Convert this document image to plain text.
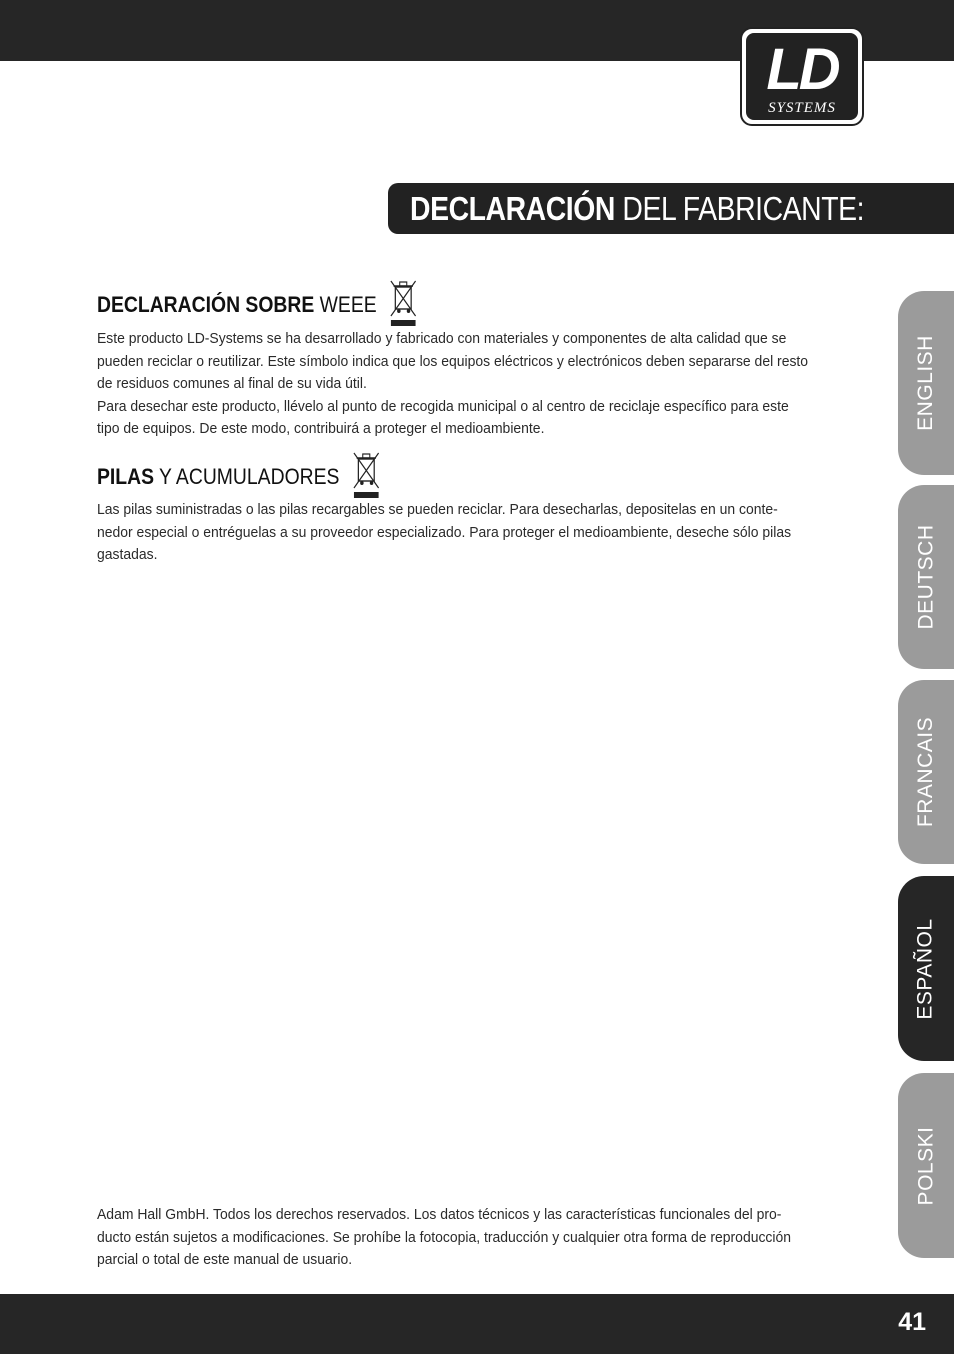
LD
SYSTEMS
DECLARACIÓN DEL FABRICANTE:
DECLARACIÓN SOBRE WEEE

Este producto LD-Systems se ha desarrollado y fabricado con materiales y componentes de alta calidad que se pueden reciclar o reutilizar. Este símbolo indica que los equipos eléctricos y electrónicos deben separarse del resto de residuos comunes al final de su vida útil.

Para desechar este producto, llévelo al punto de recogida municipal o al centro de reciclaje específico para este tipo de equipos. De este modo, contribuirá a proteger el medioambiente.

PILAS Y ACUMULADORES

Las pilas suministradas o las pilas recargables se pueden reciclar. Para desecharlas, depositelas en un conte- nedor especial o entréguelas a su proveedor especializado. Para proteger el medioambiente, deseche sólo pilas gastadas.

Adam Hall GmbH. Todos los derechos reservados. Los datos técnicos y las características funcionales del pro- ducto están sujetos a modificaciones. Se prohíbe la fotocopia, traducción y cualquier otra forma de reproducción parcial o total de este manual de usuario.

ENGLISH
DEUTSCH
FRANCAIS
ESPAÑOL
POLSKI
41
